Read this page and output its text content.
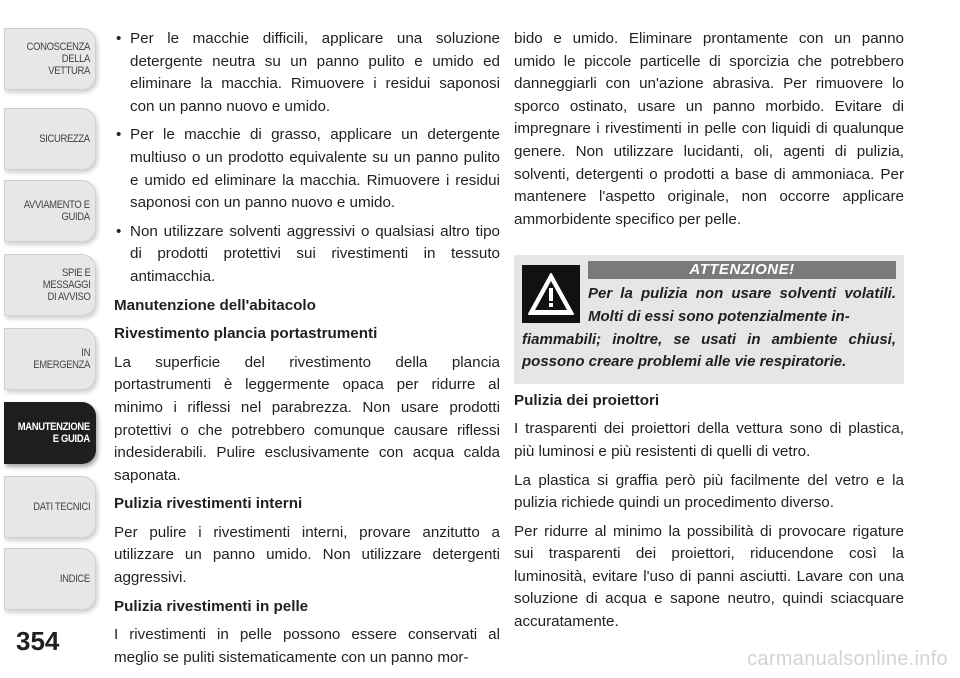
CONOSCENZA DELLA
VETTURA
SICUREZZA
AVVIAMENTO E
GUIDA
SPIE E
MESSAGGI
DI AVVISO
IN
EMERGENZA
MANUTENZIONE
E GUIDA
DATI TECNICI
INDICE
354
• Per le macchie difficili, applicare una soluzione detergente neutra su un panno pulito e umido ed eliminare la macchia. Rimuovere i residui saponosi con un panno nuovo e umido.
• Per le macchie di grasso, applicare un detergente multiuso o un prodotto equivalente su un panno pulito e umido ed eliminare la macchia. Rimuovere i residui saponosi con un panno nuovo e umido.
• Non utilizzare solventi aggressivi o qualsiasi altro tipo di prodotti protettivi sui rivestimenti in tessuto antimacchia.

Manutenzione dell'abitacolo

Rivestimento plancia portastrumenti

La superficie del rivestimento della plancia portastrumenti è leggermente opaca per ridurre al minimo i riflessi nel parabrezza. Non usare prodotti protettivi o che potrebbero comunque causare riflessi indesiderabili. Pulire esclusivamente con acqua calda saponata.

Pulizia rivestimenti interni

Per pulire i rivestimenti interni, provare anzitutto a utilizzare un panno umido. Non utilizzare detergenti aggressivi.

Pulizia rivestimenti in pelle

I rivestimenti in pelle possono essere conservati al meglio se puliti sistematicamente con un panno mor-

bido e umido. Eliminare prontamente con un panno umido le piccole particelle di sporcizia che potrebbero danneggiarli con un'azione abrasiva. Per rimuovere lo sporco ostinato, usare un panno morbido. Evitare di impregnare i rivestimenti in pelle con liquidi di qualunque genere. Non utilizzare lucidanti, oli, agenti di pulizia, solventi, detergenti o prodotti a base di ammoniaca. Per mantenere l'aspetto originale, non occorre applicare ammorbidente specifico per pelle.

ATTENZIONE!
Per la pulizia non usare solventi volatili. Molti di essi sono potenzialmente in-
fiammabili; inoltre, se usati in ambiente chiusi, possono creare problemi alle vie respiratorie.

Pulizia dei proiettori

I trasparenti dei proiettori della vettura sono di plastica, più luminosi e più resistenti di quelli di vetro.

La plastica si graffia però più facilmente del vetro e la pulizia richiede quindi un procedimento diverso.

Per ridurre al minimo la possibilità di provocare rigature sui trasparenti dei proiettori, riducendone così la luminosità, evitare l'uso di panni asciutti. Lavare con una soluzione di acqua e sapone neutro, quindi sciacquare accuratamente.

carmanualsonline.info
